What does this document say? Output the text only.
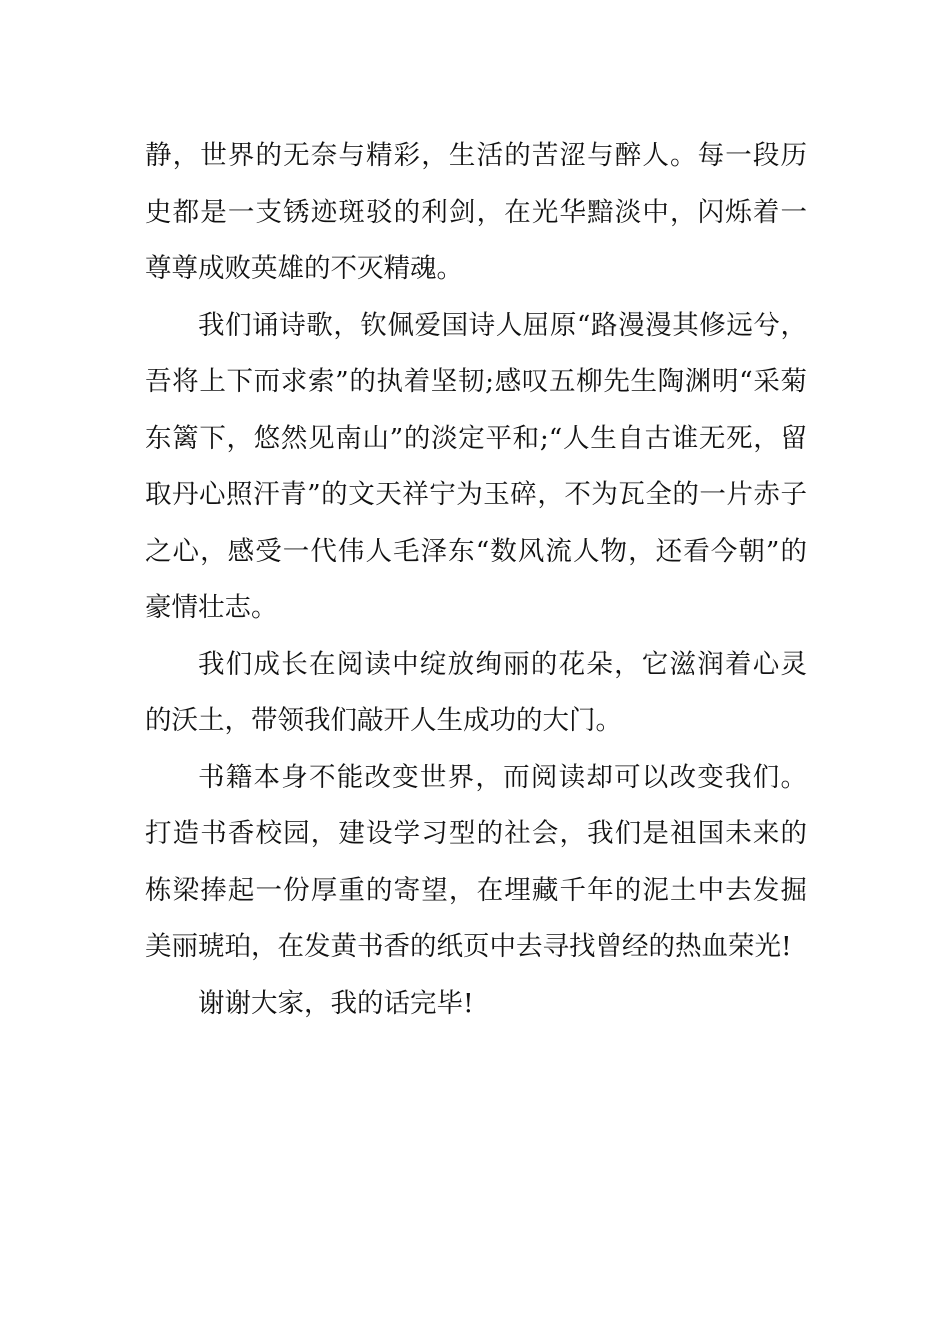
静，世界的无奈与精彩，生活的苦涩与醉人。每一段历史都是一支锈迹斑驳的利剑，在光华黯淡中，闪烁着一尊尊成败英雄的不灭精魂。

我们诵诗歌，钦佩爱国诗人屈原“路漫漫其修远兮，吾将上下而求索”的执着坚韧;感叹五柳先生陶渊明“采菊东篱下，悠然见南山”的淡定平和;“人生自古谁无死，留取丹心照汗青”的文天祥宁为玉碎，不为瓦全的一片赤子之心，感受一代伟人毛泽东“数风流人物，还看今朝”的豪情壮志。

我们成长在阅读中绽放绚丽的花朵，它滋润着心灵的沃土，带领我们敲开人生成功的大门。

书籍本身不能改变世界，而阅读却可以改变我们。打造书香校园，建设学习型的社会，我们是祖国未来的栋梁捧起一份厚重的寄望，在埋藏千年的泥土中去发掘美丽琥珀，在发黄书香的纸页中去寻找曾经的热血荣光!

谢谢大家，我的话完毕!
